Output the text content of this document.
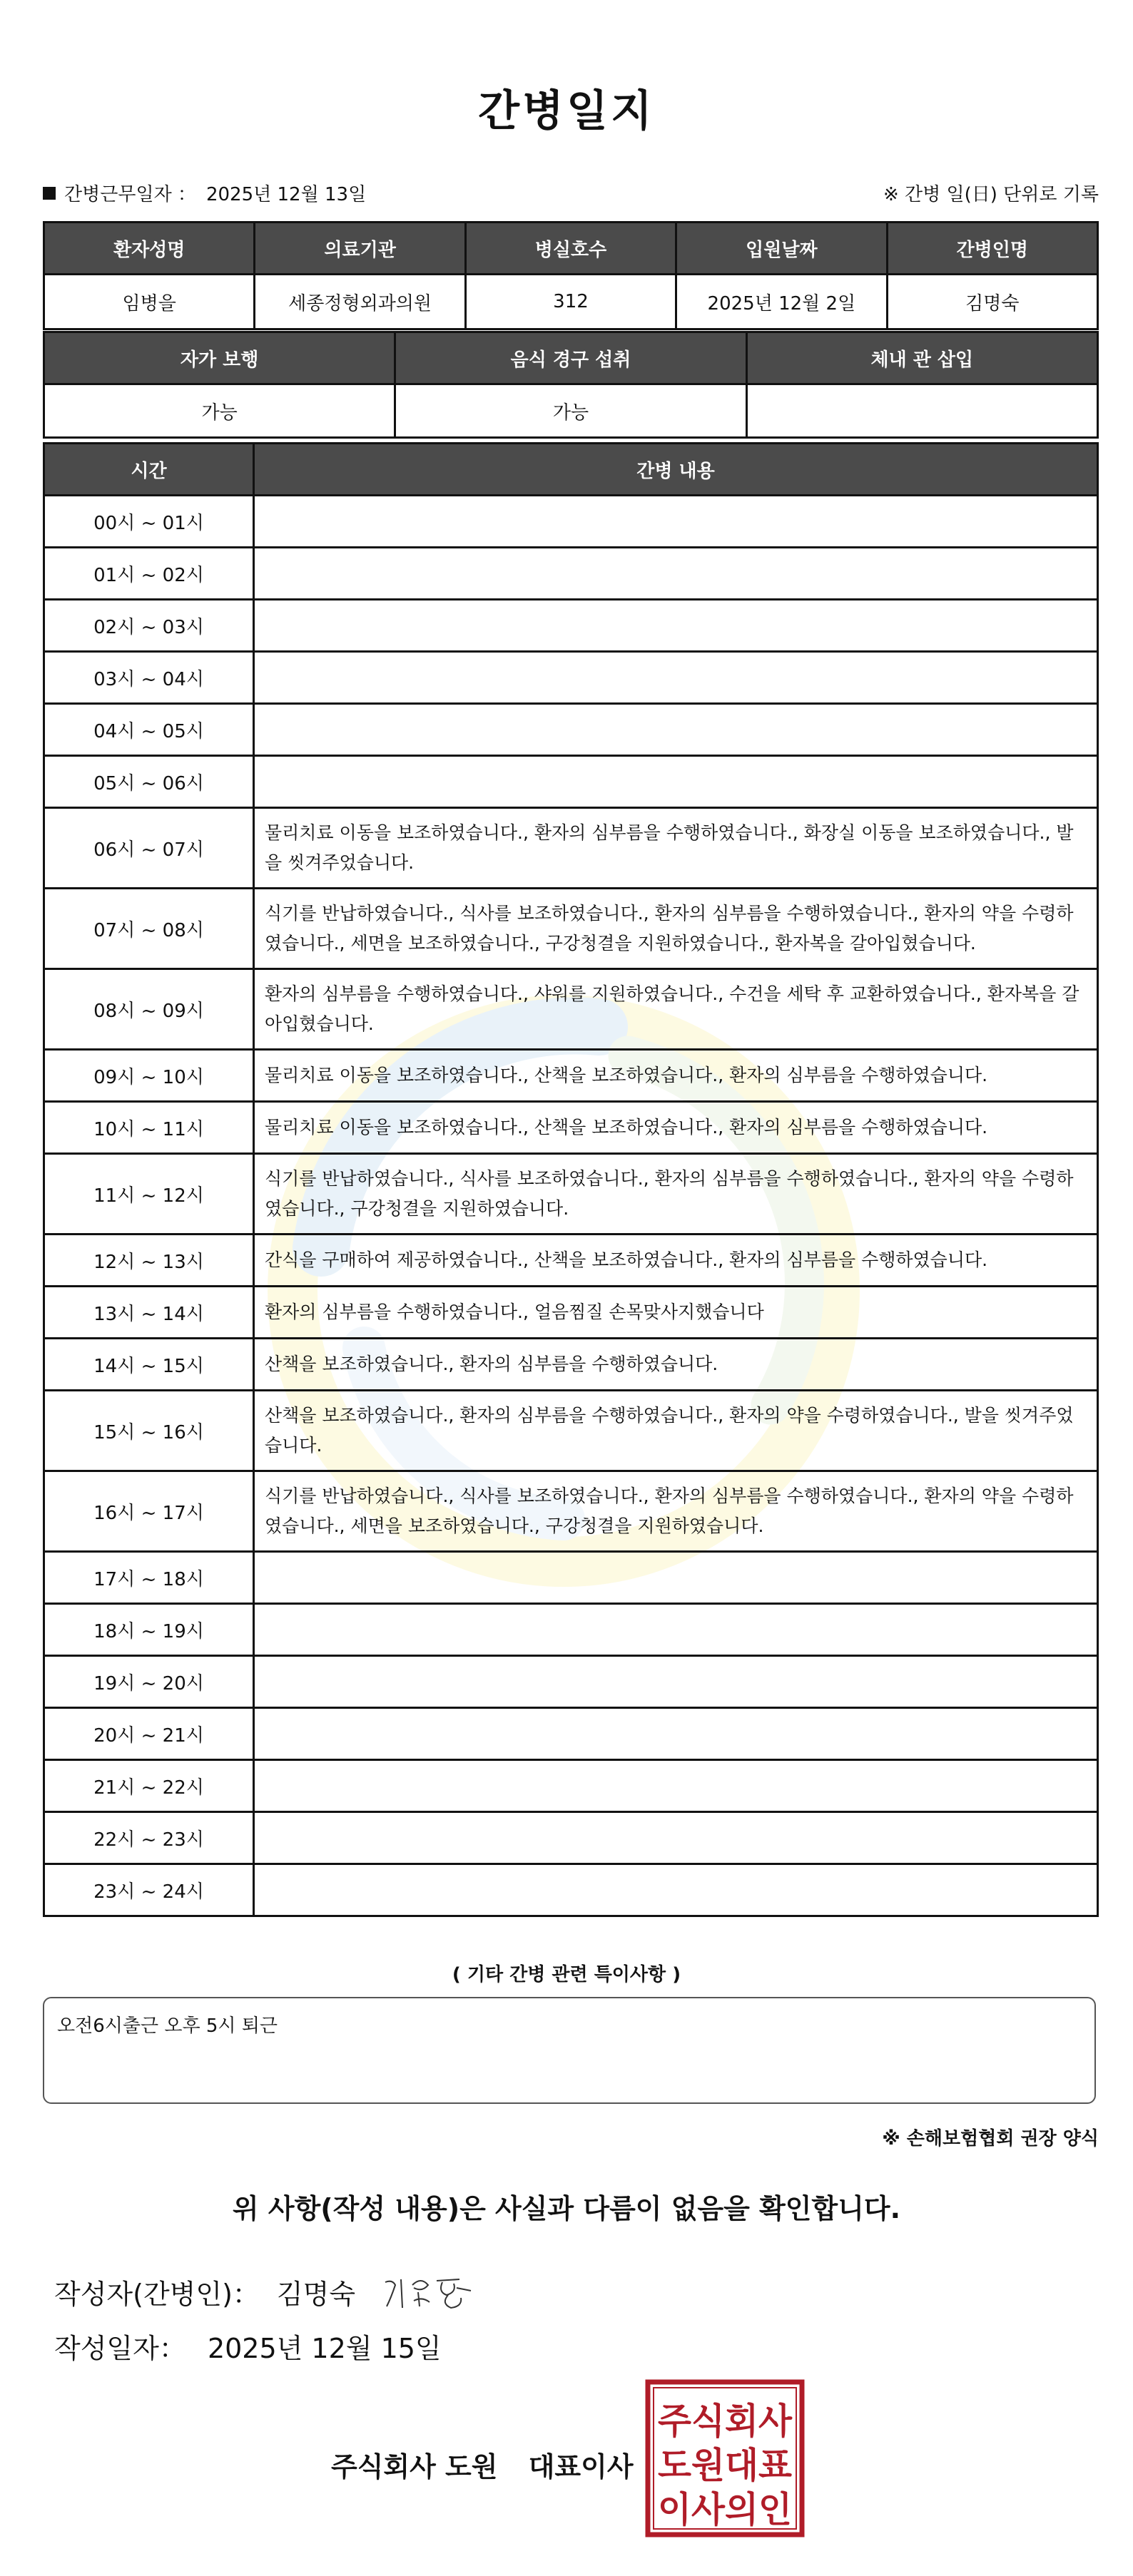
간병일지
간병근무일자 ： 2025년 12월 13일	※ 간병 일(日) 단위로 기록
환자성명	의료기관	병실호수	입원날짜	간병인명
임병을	세종정형외과의원	312	2025년 12월 2일	김명숙
자가 보행	음식 경구 섭취	체내 관 삽입
가능	가능	
시간	간병 내용
00시 ~ 01시	
01시 ~ 02시	
02시 ~ 03시	
03시 ~ 04시	
04시 ~ 05시	
05시 ~ 06시	
06시 ~ 07시	물리치료 이동을 보조하였습니다., 환자의 심부름을 수행하였습니다., 화장실 이동을 보조하였습니다., 발을 씻겨주었습니다.
07시 ~ 08시	식기를 반납하였습니다., 식사를 보조하였습니다., 환자의 심부름을 수행하였습니다., 환자의 약을 수령하였습니다., 세면을 보조하였습니다., 구강청결을 지원하였습니다., 환자복을 갈아입혔습니다.
08시 ~ 09시	환자의 심부름을 수행하였습니다., 샤워를 지원하였습니다., 수건을 세탁 후 교환하였습니다., 환자복을 갈아입혔습니다.
09시 ~ 10시	물리치료 이동을 보조하였습니다., 산책을 보조하였습니다., 환자의 심부름을 수행하였습니다.
10시 ~ 11시	물리치료 이동을 보조하였습니다., 산책을 보조하였습니다., 환자의 심부름을 수행하였습니다.
11시 ~ 12시	식기를 반납하였습니다., 식사를 보조하였습니다., 환자의 심부름을 수행하였습니다., 환자의 약을 수령하였습니다., 구강청결을 지원하였습니다.
12시 ~ 13시	간식을 구매하여 제공하였습니다., 산책을 보조하였습니다., 환자의 심부름을 수행하였습니다.
13시 ~ 14시	환자의 심부름을 수행하였습니다., 얼음찜질 손목맞사지했습니다
14시 ~ 15시	산책을 보조하였습니다., 환자의 심부름을 수행하였습니다.
15시 ~ 16시	산책을 보조하였습니다., 환자의 심부름을 수행하였습니다., 환자의 약을 수령하였습니다., 발을 씻겨주었습니다.
16시 ~ 17시	식기를 반납하였습니다., 식사를 보조하였습니다., 환자의 심부름을 수행하였습니다., 환자의 약을 수령하였습니다., 세면을 보조하였습니다., 구강청결을 지원하였습니다.
17시 ~ 18시	
18시 ~ 19시	
19시 ~ 20시	
20시 ~ 21시	
21시 ~ 22시	
22시 ~ 23시	
23시 ~ 24시	
( 기타 간병 관련 특이사항 )
오전6시출근 오후 5시 퇴근
※ 손해보험협회 권장 양식
위 사항(작성 내용)은 사실과 다름이 없음을 확인합니다.
작성자(간병인)： 김명숙
작성일자： 2025년 12월 15일
주식회사 도원 대표이사
주식회사
도원대표
이사의인
